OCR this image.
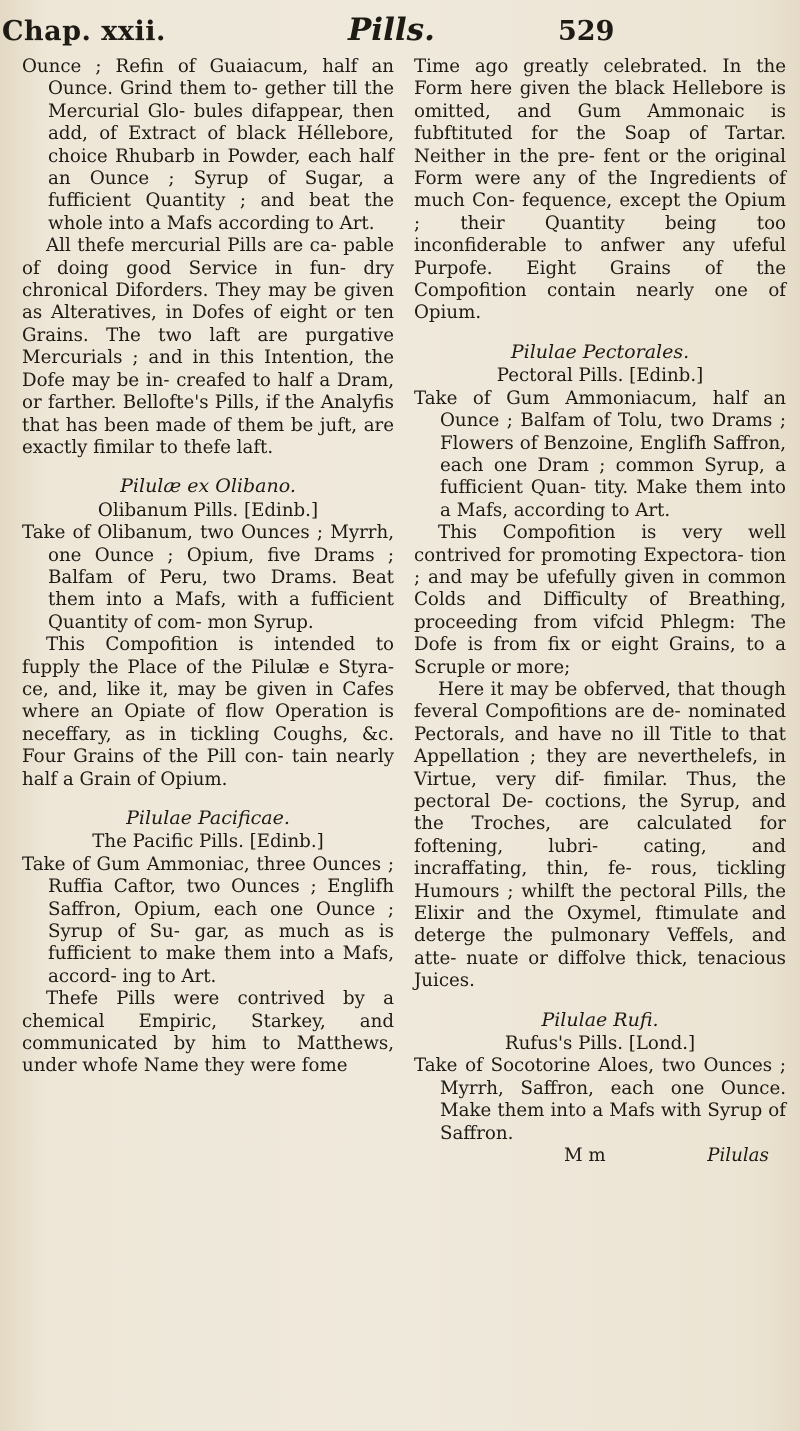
Chap. xxii.	Pills.	529

Ounce ; Refin of Guaiacum, half an Ounce. Grind them to- gether till the Mercurial Glo- bules difappear, then add, of Extract of black Héllebore, choice Rhubarb in Powder, each half an Ounce ; Syrup of Sugar, a fufficient Quantity ; and beat the whole into a Mafs according to Art.

All thefe mercurial Pills are ca- pable of doing good Service in fun- dry chronical Diforders. They may be given as Alteratives, in Dofes of eight or ten Grains. The two laft are purgative Mercurials ; and in this Intention, the Dofe may be in- creafed to half a Dram, or farther. Bellofte's Pills, if the Analyfis that has been made of them be juft, are exactly fimilar to thefe laft.

Pilulæ ex Olibano.

Olibanum Pills. [Edinb.]

Take of Olibanum, two Ounces ; Myrrh, one Ounce ; Opium, five Drams ; Balfam of Peru, two Drams. Beat them into a Mafs, with a fufficient Quantity of com- mon Syrup.

This Compofition is intended to fupply the Place of the Pilulæ e Styra- ce, and, like it, may be given in Cafes where an Opiate of flow Operation is neceffary, as in tickling Coughs, &c. Four Grains of the Pill con- tain nearly half a Grain of Opium.

Pilulae Pacificae.

The Pacific Pills. [Edinb.]

Take of Gum Ammoniac, three Ounces ; Ruffia Caftor, two Ounces ; Englifh Saffron, Opium, each one Ounce ; Syrup of Su- gar, as much as is fufficient to make them into a Mafs, accord- ing to Art.

Thefe Pills were contrived by a chemical Empiric, Starkey, and communicated by him to Matthews, under whofe Name they were fome

Time ago greatly celebrated. In the Form here given the black Hellebore is omitted, and Gum Ammonaic is fubftituted for the Soap of Tartar. Neither in the pre- fent or the original Form were any of the Ingredients of much Con- fequence, except the Opium ; their Quantity being too inconfiderable to anfwer any ufeful Purpofe. Eight Grains of the Compofition contain nearly one of Opium.

Pilulae Pectorales.

Pectoral Pills. [Edinb.]

Take of Gum Ammoniacum, half an Ounce ; Balfam of Tolu, two Drams ; Flowers of Benzoine, Englifh Saffron, each one Dram ; common Syrup, a fufficient Quan- tity. Make them into a Mafs, according to Art.

This Compofition is very well contrived for promoting Expectora- tion ; and may be ufefully given in common Colds and Difficulty of Breathing, proceeding from vifcid Phlegm: The Dofe is from fix or eight Grains, to a Scruple or more;

Here it may be obferved, that though feveral Compofitions are de- nominated Pectorals, and have no ill Title to that Appellation ; they are neverthelefs, in Virtue, very dif- fimilar. Thus, the pectoral De- coctions, the Syrup, and the Troches, are calculated for foftening, lubri- cating, and incraffating, thin, fe- rous, tickling Humours ; whilft the pectoral Pills, the Elixir and the Oxymel, ftimulate and deterge the pulmonary Veffels, and atte- nuate or diffolve thick, tenacious Juices.

Pilulae Rufi.

Rufus's Pills. [Lond.]

Take of Socotorine Aloes, two Ounces ; Myrrh, Saffron, each one Ounce. Make them into a Mafs with Syrup of Saffron.

M m	Pilulas
